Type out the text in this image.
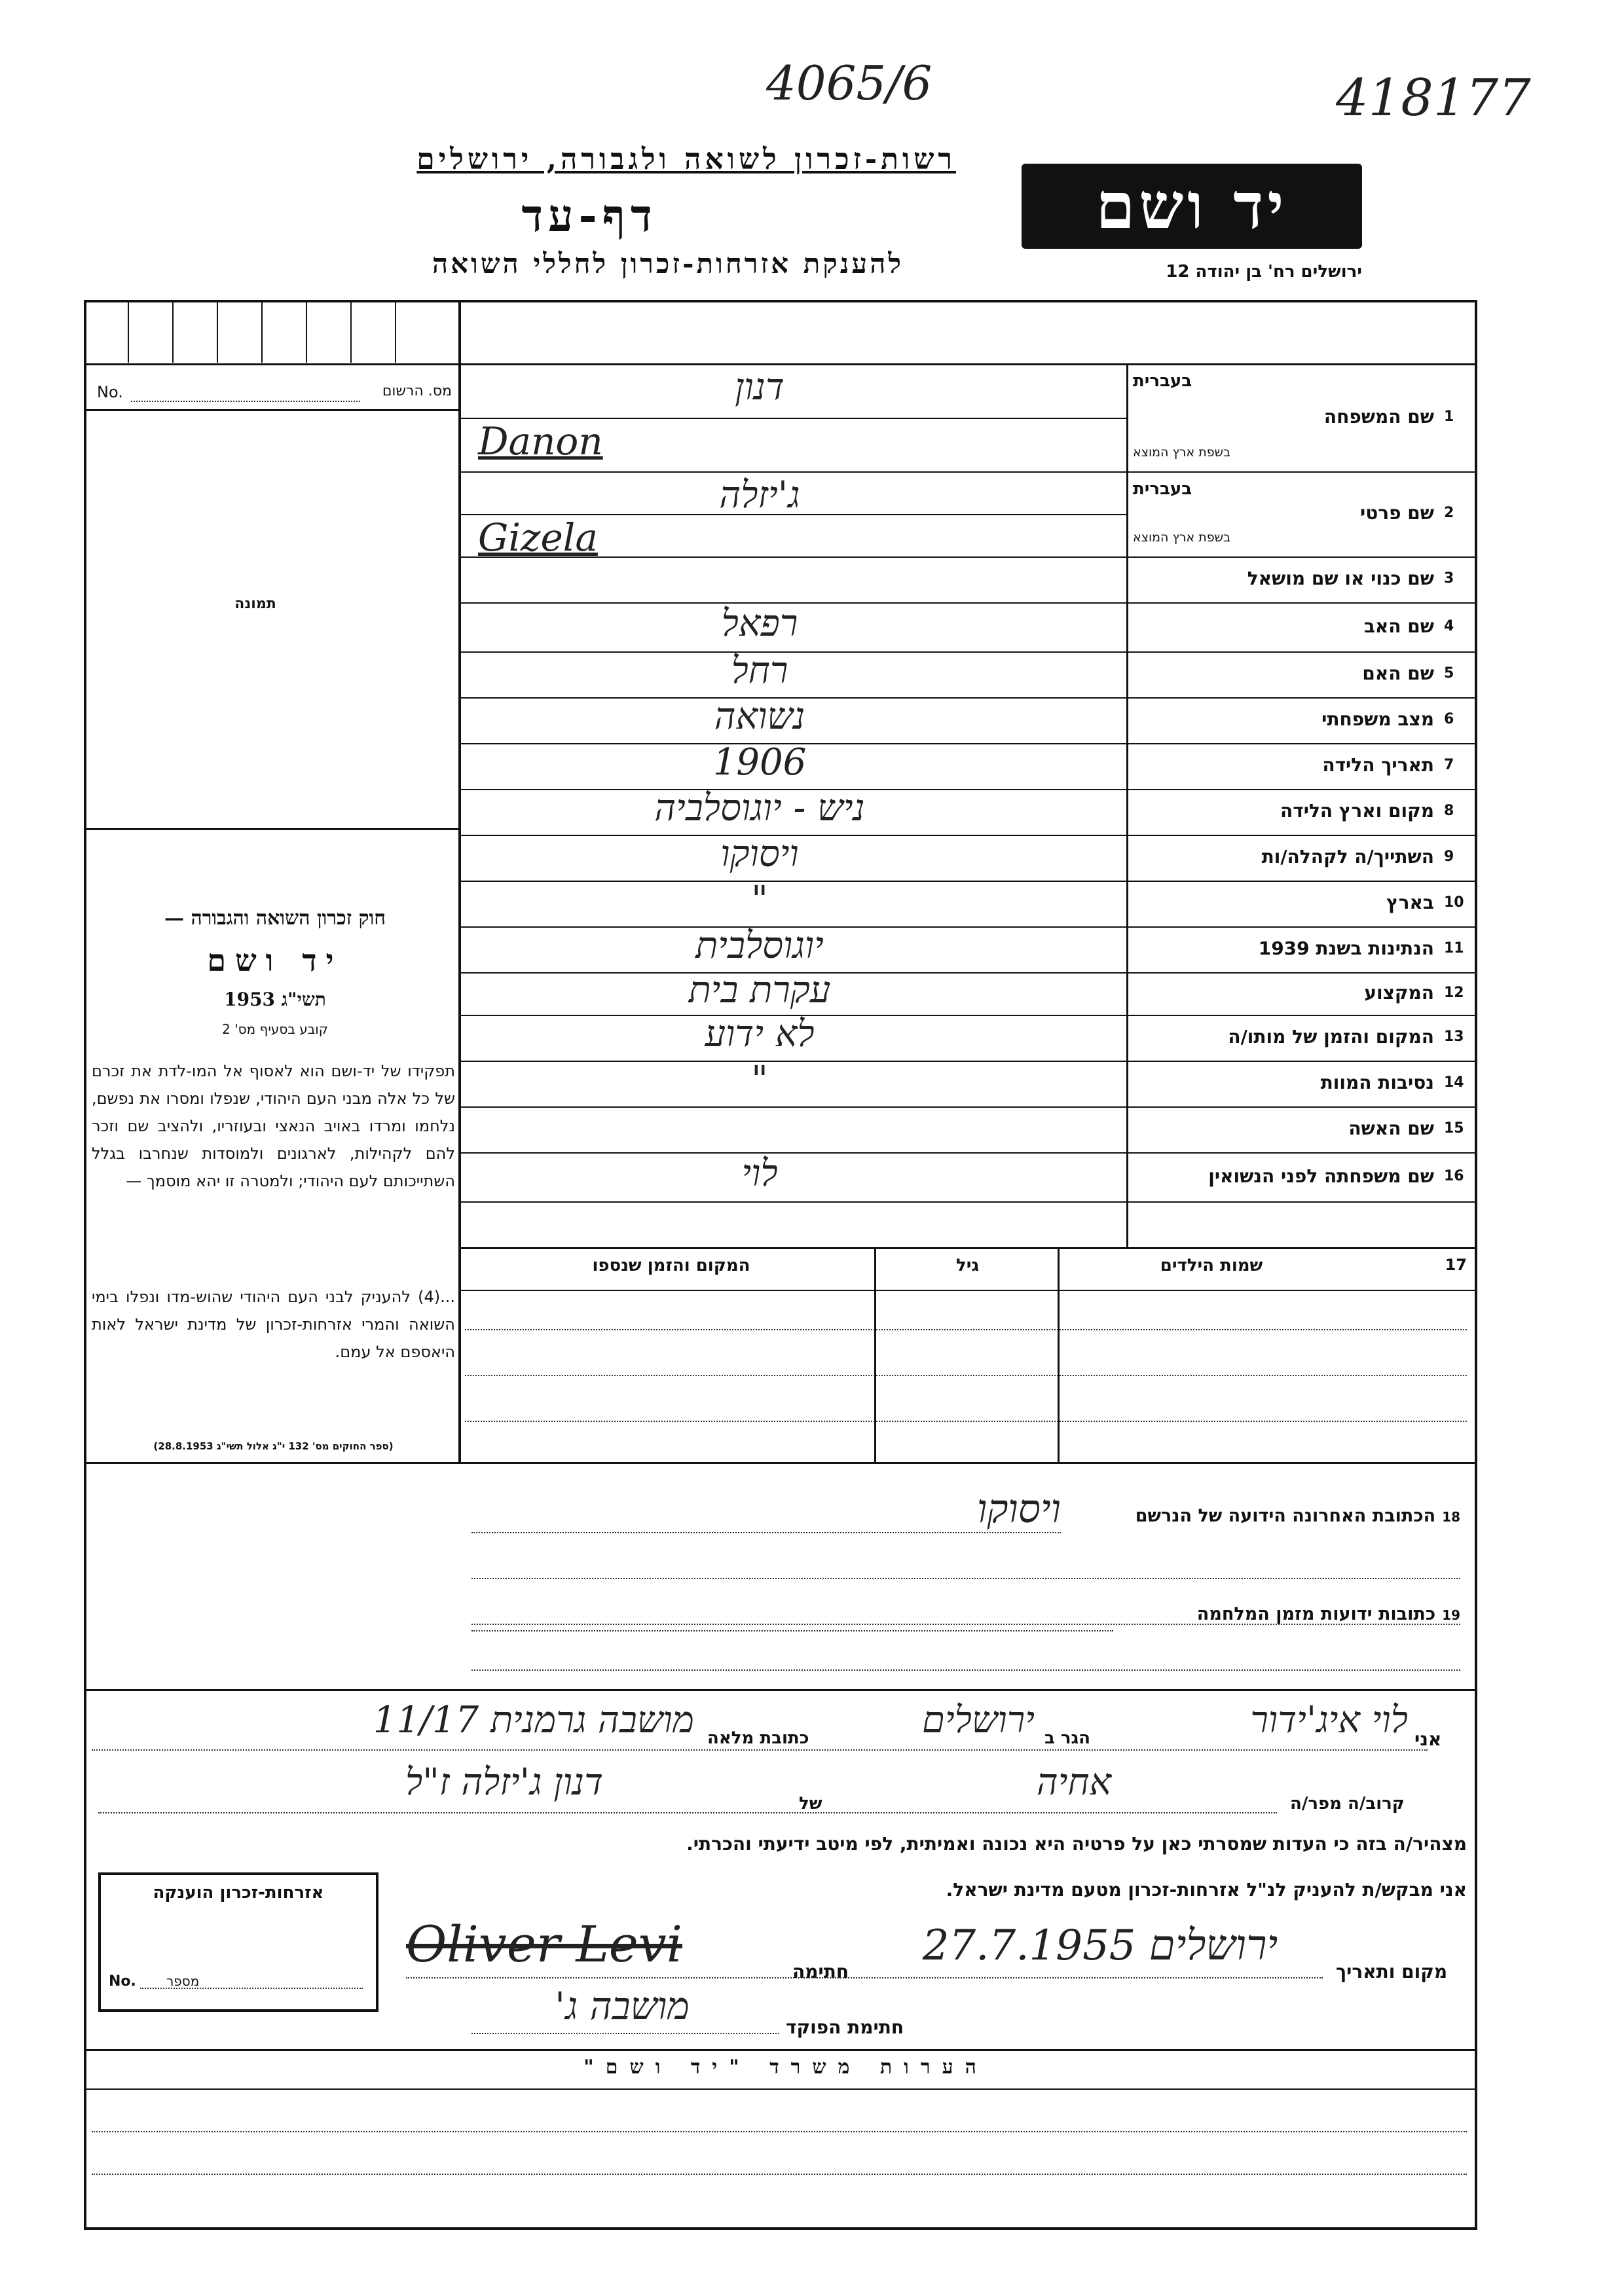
4065/6	418177
רשות-זכרון לשואה ולגבורה, ירושלים
דף-עד
להענקת אזרחות-זכרון לחללי השואה
יד ושם
ירושלים רח' בן יהודה 12
No.	מס. הרשום
תמונה
חוק זכרון השואה והגבורה —
יד ושם
תשי"ג 1953
קובע בסעיף מס' 2
תפקידו של יד-ושם הוא לאסוף אל המו-לדת את זכרם של כל אלה מבני העם היהודי, שנפלו ומסרו את נפשם, נלחמו ומרדו באויב הנאצי ובעוזריו, ולהציב שם וזכר להם לקהילות, לארגונים ולמוסדות שנחרבו בגלל השתייכותם לעם היהודי; ולמטרה זו יהא מוסמך —
...(4) להעניק לבני העם היהודי שהוש-מדו ונפלו בימי השואה והמרי אזרחות-זכרון של מדינת ישראל לאות היאספם אל עמם.
(ספר החוקים מס' 132 י"ג אלול תשי"ג 28.8.1953)
1
שם המשפחה
בעברית
בשפת ארץ המוצא
דנון
Danon
2
שם פרטי
בעברית
בשפת ארץ המוצא
ג'יזלה
Gizela
3
שם כנוי או שם מושאל
4
שם האב
רפאל
5
שם האם
רחל
6
מצב משפחתי
נשואה
7
תאריך הלידה
1906
8
מקום וארץ הלידה
ניש - יוגוסלביה
9
השתייך/ה לקהלה/ות
ויסוקו
10
בארץ
"
11
הנתינות בשנת 1939
יוגוסלבית
12
המקצוע
עקרת בית
13
המקום והזמן של מותו/ה
לא ידוע
14
נסיבות המוות
"
15
שם האשה
16
שם משפחתה לפני הנשואין
לוי
17
שמות הילדים
גיל
המקום והזמן שנספו
18הכתובת האחרונה הידועה של הנרשם
ויסוקו
19כתובות ידועות מזמן המלחמה
אני
לוי איג'ידור
הגר ב
ירושלים
כתובת מלאה
מושבה גרמנית 11/17
קרוב/ה מפר/ה
אחיה
של
דנון ג'יזלה ז"ל
מצהיר/ה בזה כי העדות שמסרתי כאן על פרטיה היא נכונה ואמיתית, לפי מיטב ידיעתי והכרתי.
אני מבקש/ת להעניק לנ"ל אזרחות-זכרון מטעם מדינת ישראל.
מקום ותאריך
ירושלים 27.7.1955
חתימה
Oliver Levi
חתימת הפוקד
מושבה ג'
אזרחות-זכרון הוענקה
No. מספר
הערות משרד "יד ושם"
